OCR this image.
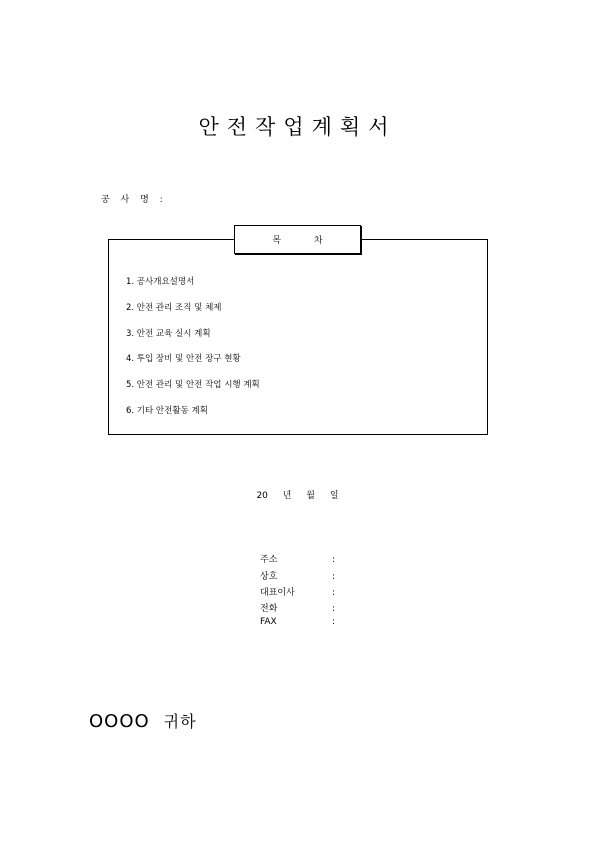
안전작업계획서
공 사 명 :
목 차
1. 공사개요설명서
2. 안전 관리 조직 및 체제
3. 안전 교육 실시 계획
4. 투입 장비 및 안전 장구 현황
5. 안전 관리 및 안전 작업 시행 계획
6. 기타 안전활동 계획
20 년 월 일
주소	:
상호	:
대표이사	:
전화	:
FAX	:
OOOO 귀하
